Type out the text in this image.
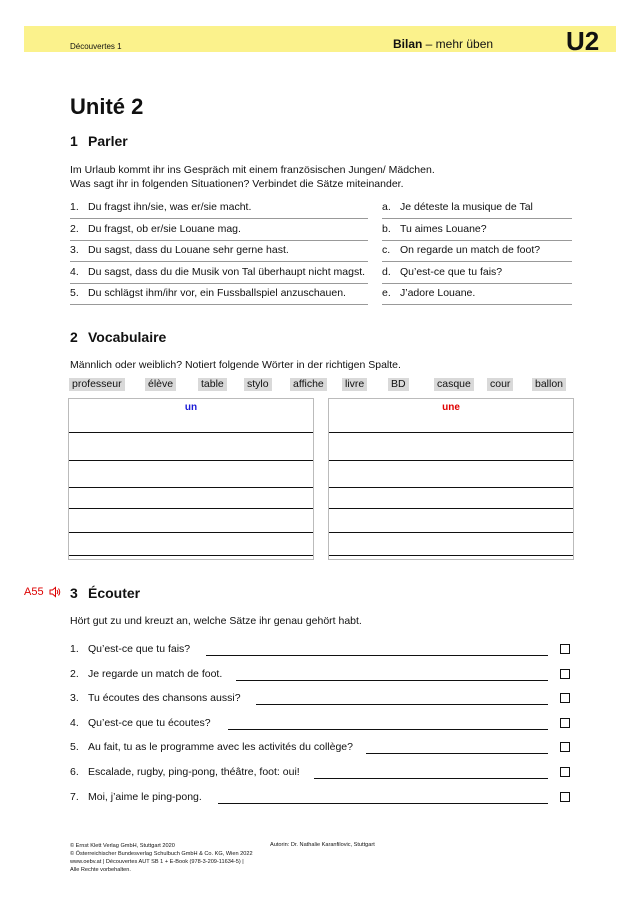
Découvertes 1	Bilan – mehr üben	U2
Unité 2
1 Parler
Im Urlaub kommt ihr ins Gespräch mit einem französischen Jungen/ Mädchen.
Was sagt ihr in folgenden Situationen? Verbindet die Sätze miteinander.
1. Du fragst ihn/sie, was er/sie macht.
2. Du fragst, ob er/sie Louane mag.
3. Du sagst, dass du Louane sehr gerne hast.
4. Du sagst, dass du die Musik von Tal überhaupt nicht magst.
5. Du schlägst ihm/ihr vor, ein Fussballspiel anzuschauen.
a. Je déteste la musique de Tal
b. Tu aimes Louane?
c. On regarde un match de foot?
d. Qu’est-ce que tu fais?
e. J’adore Louane.
2 Vocabulaire
Männlich oder weiblich? Notiert folgende Wörter in der richtigen Spalte.
professeur	élève	table stylo affiche livre	BD	casque cour ballon
un	une
A55 3 Écouter
Hört gut zu und kreuzt an, welche Sätze ihr genau gehört habt.
1. Qu’est-ce que tu fais?
2. Je regarde un match de foot.
3. Tu écoutes des chansons aussi?
4. Qu’est-ce que tu écoutes?
5. Au fait, tu as le programme avec les activités du collège?
6. Escalade, rugby, ping-pong, théâtre, foot: oui!
7. Moi, j’aime le ping-pong.
© Ernst Klett Verlag GmbH, Stuttgart 2020
© Österreichischer Bundesverlag Schulbuch GmbH & Co. KG, Wien 2022
www.oebv.at | Découvertes AUT SB 1 + E-Book (978-3-209-11634-5) |
Alle Rechte vorbehalten.
Autorin: Dr. Nathalie Karanfilovic, Stuttgart
